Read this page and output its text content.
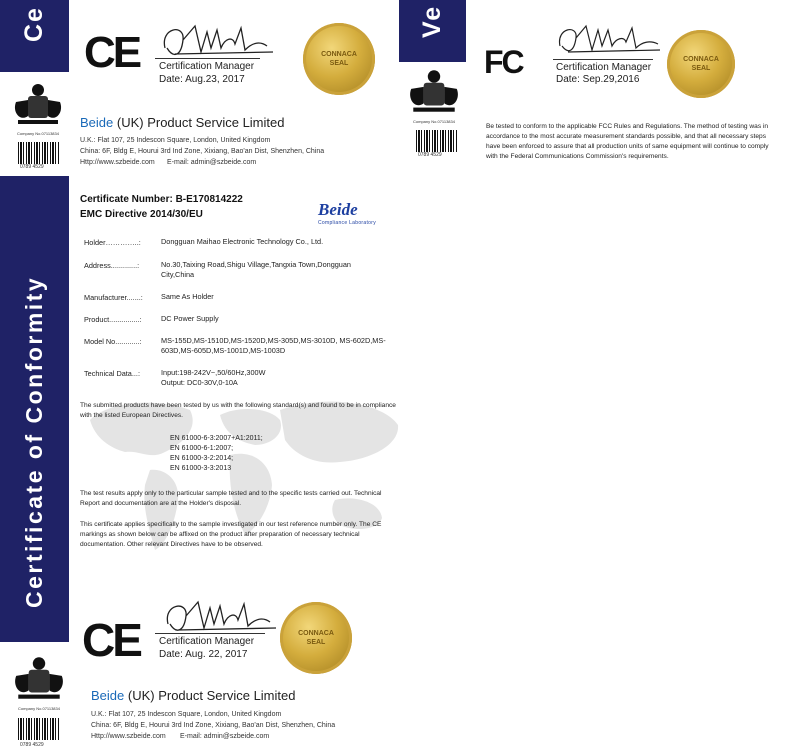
Ce
CE Certification Manager
Date: Aug.23, 2017
CONNACA
SEAL
Company No.07113834
0789 4529
Beide (UK) Product Service Limited
U.K.: Flat 107, 25 Indescon Square, London, United Kingdom
China: 6F, Bldg E, Hourui 3rd Ind Zone, Xixiang, Bao'an Dist, Shenzhen, China
Http://www.szbeide.com E-mail: admin@szbeide.com
Ve
FC	Certification Manager
Date: Sep.29,2016
CONNACA
SEAL
Company No.07113834
0789 4529
Be tested to conform to the applicable FCC Rules and Regulations. The method of testing was in accordance to the most accurate measurement standards possible, and that all necessary steps have been enforced to assure that all production units of same equipment will continue to comply with the Federal Communications Commission's requirements.
Certificate of Conformity
Certificate Number: B-E170814222
EMC Directive 2014/30/EU	Beide
Compliance Laboratory
Holder…………..:	Dongguan Maihao Electronic Technology Co., Ltd.
Address.............:	No.30,Taixing Road,Shigu Village,Tangxia Town,Dongguan City,China
Manufacturer.......: Same As Holder
Product...............:	DC Power Supply
Model No............:	MS-155D,MS-1510D,MS-1520D,MS-305D,MS-3010D, MS-602D,MS-603D,MS-605D,MS-1001D,MS-1003D
Technical Data...:	Input:198-242V~,50/60Hz,300W
Output: DC0-30V,0-10A
The submitted products have been tested by us with the following standard(s) and found to be in compliance with the listed European Directives.
EN 61000-6-3:2007+A1:2011;
EN 61000-6-1:2007;
EN 61000-3-2:2014;
EN 61000-3-3:2013
The test results apply only to the particular sample tested and to the specific tests carried out. Technical Report and documentation are at the Holder's disposal.
This certificate applies specifically to the sample investigated in our test reference number only. The CE markings as shown below can be affixed on the product after preparation of necessary technical documentation. Other relevant Directives have to be observed.
CE Certification Manager
Date: Aug. 22, 2017
CONNACA
SEAL
Company No.07113834
0789 4529
Beide (UK) Product Service Limited
U.K.: Flat 107, 25 Indescon Square, London, United Kingdom
China: 6F, Bldg E, Hourui 3rd Ind Zone, Xixiang, Bao'an Dist, Shenzhen, China
Http://www.szbeide.com E-mail: admin@szbeide.com
